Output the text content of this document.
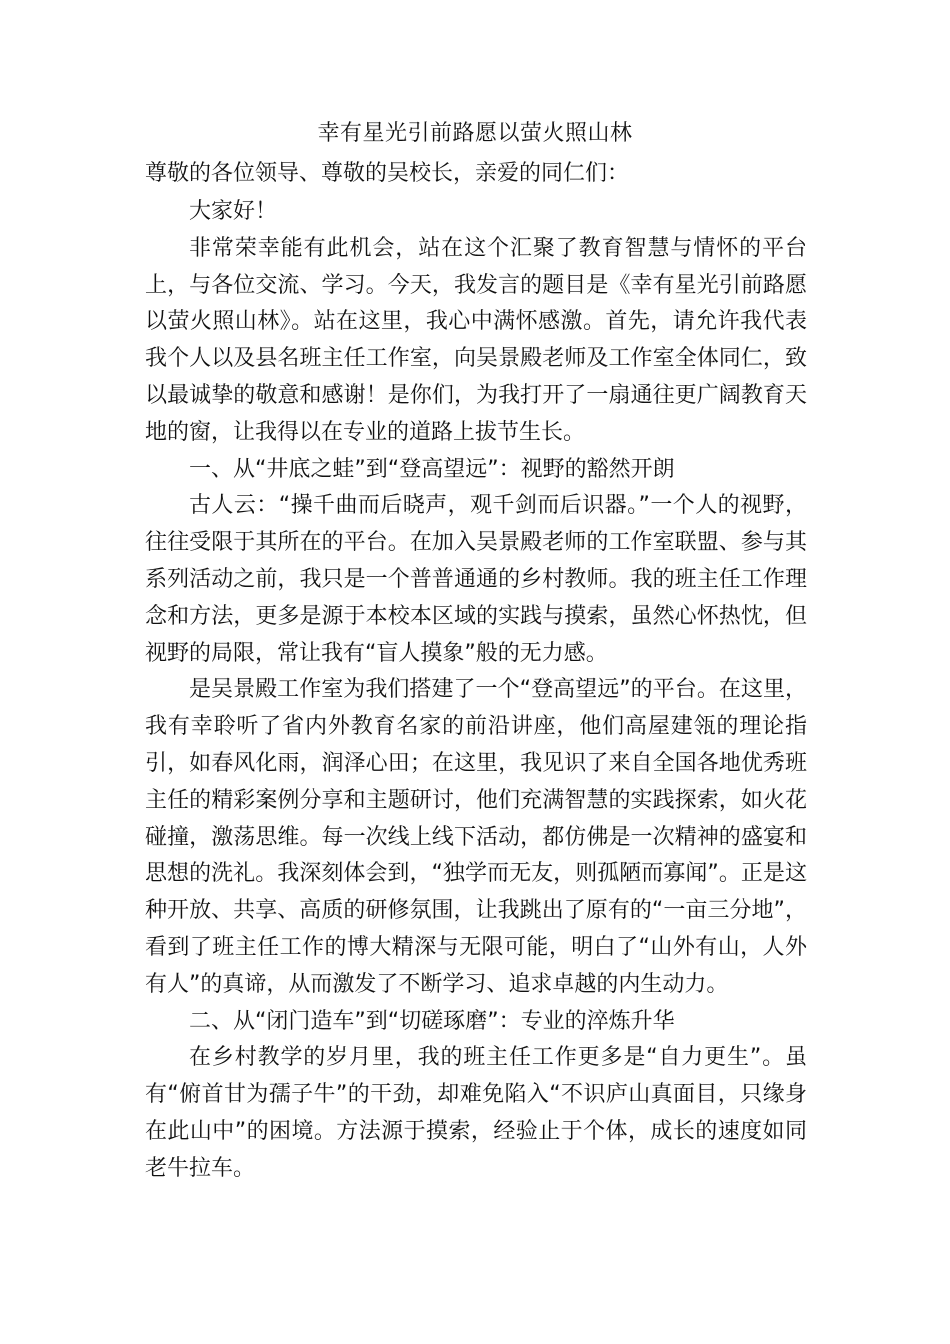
幸有星光引前路愿以萤火照山林
尊敬的各位领导、尊敬的吴校长，亲爱的同仁们：

大家好！

非常荣幸能有此机会，站在这个汇聚了教育智慧与情怀的平台上，与各位交流、学习。今天，我发言的题目是《幸有星光引前路愿以萤火照山林》。站在这里，我心中满怀感激。首先，请允许我代表我个人以及县名班主任工作室，向吴景殿老师及工作室全体同仁，致以最诚挚的敬意和感谢！是你们，为我打开了一扇通往更广阔教育天地的窗，让我得以在专业的道路上拔节生长。

一、从“井底之蛙”到“登高望远”：视野的豁然开朗

古人云：“操千曲而后晓声，观千剑而后识器。”一个人的视野，往往受限于其所在的平台。在加入吴景殿老师的工作室联盟、参与其系列活动之前，我只是一个普普通通的乡村教师。我的班主任工作理念和方法，更多是源于本校本区域的实践与摸索，虽然心怀热忱，但视野的局限，常让我有“盲人摸象”般的无力感。

是吴景殿工作室为我们搭建了一个“登高望远”的平台。在这里，我有幸聆听了省内外教育名家的前沿讲座，他们高屋建瓴的理论指引，如春风化雨，润泽心田；在这里，我见识了来自全国各地优秀班主任的精彩案例分享和主题研讨，他们充满智慧的实践探索，如火花碰撞，激荡思维。每一次线上线下活动，都仿佛是一次精神的盛宴和思想的洗礼。我深刻体会到，“独学而无友，则孤陋而寡闻”。正是这种开放、共享、高质的研修氛围，让我跳出了原有的“一亩三分地”，看到了班主任工作的博大精深与无限可能，明白了“山外有山，人外有人”的真谛，从而激发了不断学习、追求卓越的内生动力。

二、从“闭门造车”到“切磋琢磨”：专业的淬炼升华

在乡村教学的岁月里，我的班主任工作更多是“自力更生”。虽有“俯首甘为孺子牛”的干劲，却难免陷入“不识庐山真面目，只缘身在此山中”的困境。方法源于摸索，经验止于个体，成长的速度如同老牛拉车。
